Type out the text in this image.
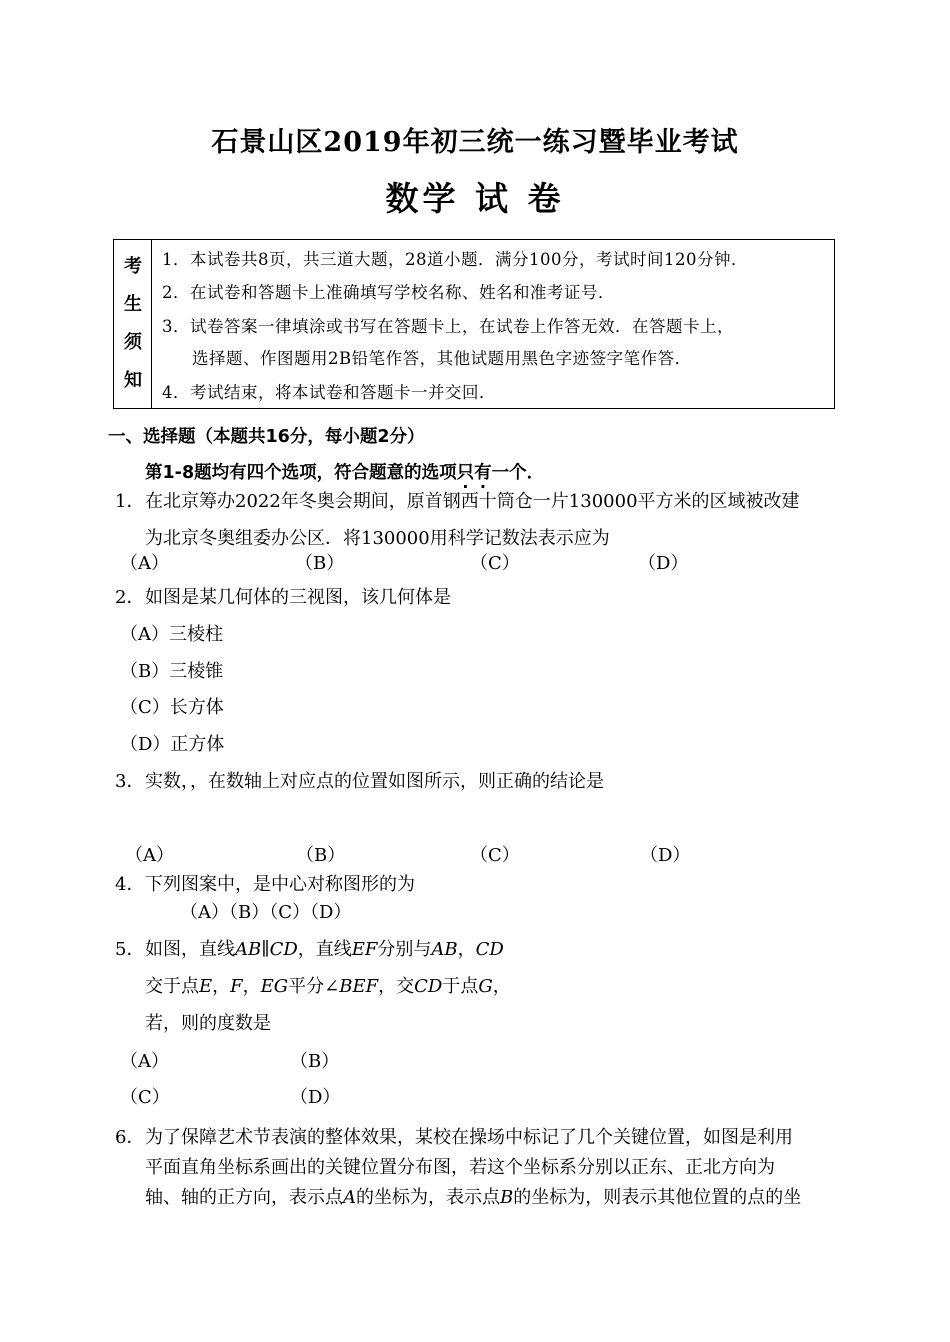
石景山区2019年初三统一练习暨毕业考试
数学 试 卷
考
生
须
知
1．本试卷共8页，共三道大题，28道小题．满分100分，考试时间120分钟．
2．在试卷和答题卡上准确填写学校名称、姓名和准考证号．
3．试卷答案一律填涂或书写在答题卡上，在试卷上作答无效．在答题卡上，
选择题、作图题用2B铅笔作答，其他试题用黑色字迹签字笔作答．
4．考试结束，将本试卷和答题卡一并交回．
一、选择题（本题共16分，每小题2分）
第1-8题均有四个选项，符合题意的选项只有一个．
1． 在北京筹办2022年冬奥会期间，原首钢西十筒仓一片130000平方米的区域被改建
为北京冬奥组委办公区．将130000用科学记数法表示应为
（A）	（B）	（C）	（D）
2． 如图是某几何体的三视图，该几何体是
（A）三棱柱
（B）三棱锥
（C）长方体
（D）正方体
3． 实数，，在数轴上对应点的位置如图所示，则正确的结论是
（A）	（B）	（C）	（D）
4． 下列图案中，是中心对称图形的为
（A）（B）（C）（D）
5． 如图，直线AB∥CD，直线EF分别与AB，CD
交于点E，F，EG平分∠BEF，交CD于点G，
若，则的度数是
（A）	（B）
（C）	（D）
6． 为了保障艺术节表演的整体效果，某校在操场中标记了几个关键位置，如图是利用
平面直角坐标系画出的关键位置分布图，若这个坐标系分别以正东、正北方向为
轴、轴的正方向，表示点A的坐标为，表示点B的坐标为，则表示其他位置的点的坐
